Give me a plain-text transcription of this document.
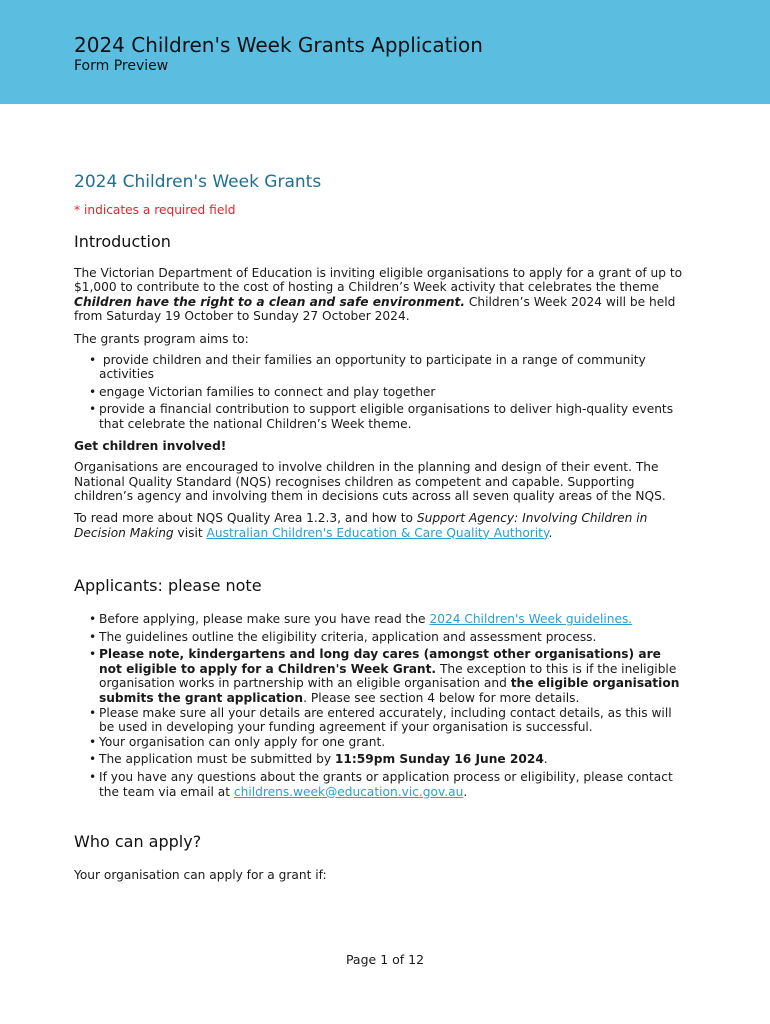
2024 Children's Week Grants Application
Form Preview
2024 Children's Week Grants
* indicates a required field
Introduction

The Victorian Department of Education is inviting eligible organisations to apply for a grant of up to $1,000 to contribute to the cost of hosting a Children’s Week activity that celebrates the theme Children have the right to a clean and safe environment. Children’s Week 2024 will be held from Saturday 19 October to Sunday 27 October 2024.

The grants program aims to:

• provide children and their families an opportunity to participate in a range of community activities
• engage Victorian families to connect and play together
• provide a financial contribution to support eligible organisations to deliver high-quality events that celebrate the national Children’s Week theme.

Get children involved!

Organisations are encouraged to involve children in the planning and design of their event. The National Quality Standard (NQS) recognises children as competent and capable. Supporting children’s agency and involving them in decisions cuts across all seven quality areas of the NQS.

To read more about NQS Quality Area 1.2.3, and how to Support Agency: Involving Children in Decision Making visit Australian Children's Education & Care Quality Authority.

Applicants: please note
• Before applying, please make sure you have read the 2024 Children's Week guidelines.
• The guidelines outline the eligibility criteria, application and assessment process.
• Please note, kindergartens and long day cares (amongst other organisations) are not eligible to apply for a Children's Week Grant. The exception to this is if the ineligible organisation works in partnership with an eligible organisation and the eligible organisation submits the grant application. Please see section 4 below for more details.
• Please make sure all your details are entered accurately, including contact details, as this will be used in developing your funding agreement if your organisation is successful.
• Your organisation can only apply for one grant.
• The application must be submitted by 11:59pm Sunday 16 June 2024.
• If you have any questions about the grants or application process or eligibility, please contact the team via email at childrens.week@education.vic.gov.au.
Who can apply?

Your organisation can apply for a grant if:

Page 1 of 12
